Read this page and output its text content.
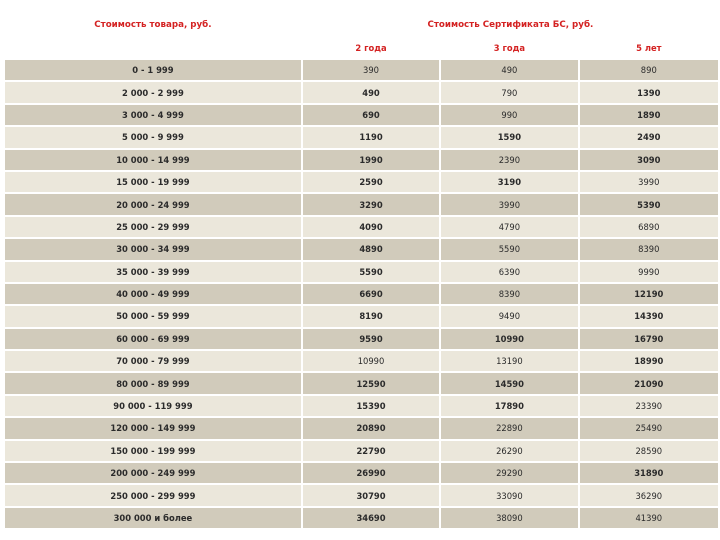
Стоимость товара, руб.	Стоимость Сертификата БС, руб.		
	2 года	3 года	5 лет
0 - 1 999	390	490	890
2 000 - 2 999	490	790	1390
3 000 - 4 999	690	990	1890
5 000 - 9 999	1190	1590	2490
10 000 - 14 999	1990	2390	3090
15 000 - 19 999	2590	3190	3990
20 000 - 24 999	3290	3990	5390
25 000 - 29 999	4090	4790	6890
30 000 - 34 999	4890	5590	8390
35 000 - 39 999	5590	6390	9990
40 000 - 49 999	6690	8390	12190
50 000 - 59 999	8190	9490	14390
60 000 - 69 999	9590	10990	16790
70 000 - 79 999	10990	13190	18990
80 000 - 89 999	12590	14590	21090
90 000 - 119 999	15390	17890	23390
120 000 - 149 999	20890	22890	25490
150 000 - 199 999	22790	26290	28590
200 000 - 249 999	26990	29290	31890
250 000 - 299 999	30790	33090	36290
300 000 и более	34690	38090	41390
